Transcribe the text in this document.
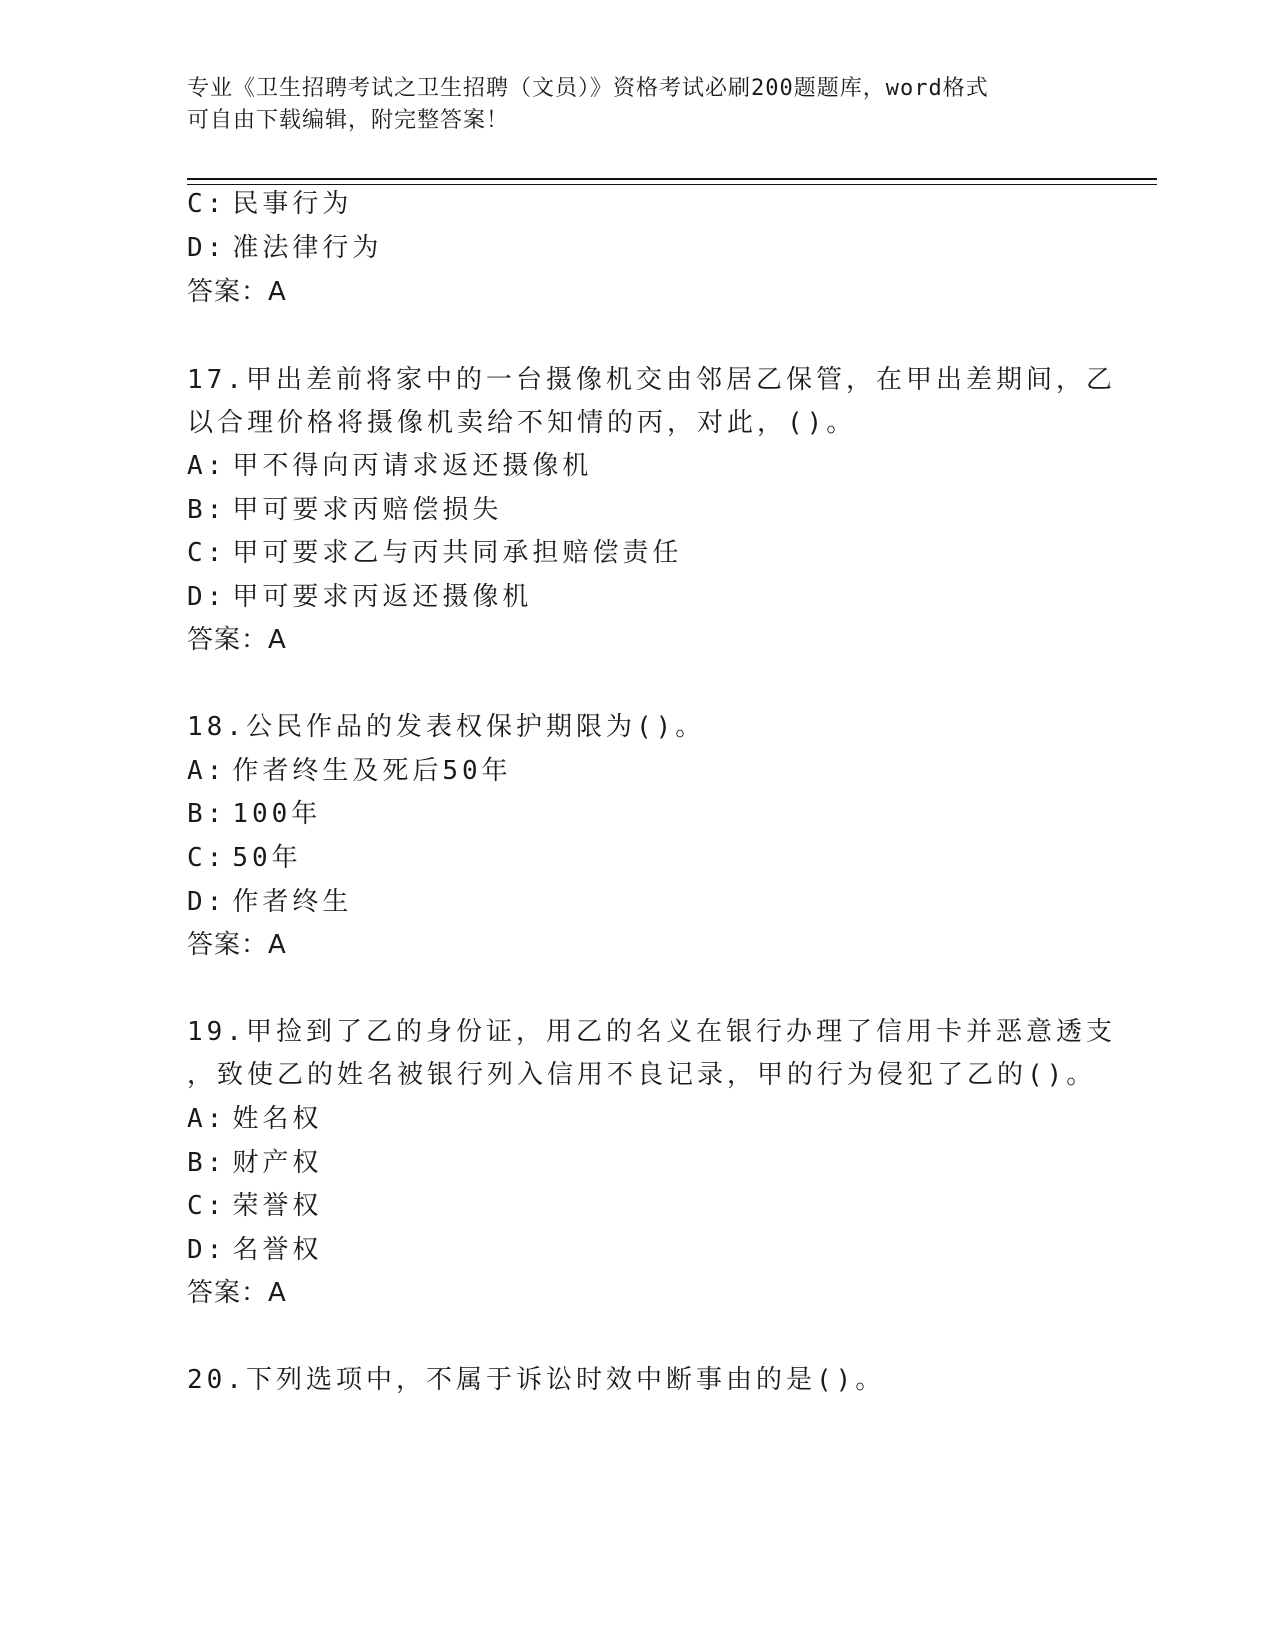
专业《卫生招聘考试之卫生招聘（文员）》资格考试必刷200题题库，word格式
可自由下载编辑，附完整答案！
C: 民事行为
D: 准法律行为
答案：A
17.甲出差前将家中的一台摄像机交由邻居乙保管，在甲出差期间，乙
以合理价格将摄像机卖给不知情的丙，对此，()。
A: 甲不得向丙请求返还摄像机
B: 甲可要求丙赔偿损失
C: 甲可要求乙与丙共同承担赔偿责任
D: 甲可要求丙返还摄像机
答案：A
18.公民作品的发表权保护期限为()。
A: 作者终生及死后50年
B: 100年
C: 50年
D: 作者终生
答案：A
19.甲捡到了乙的身份证，用乙的名义在银行办理了信用卡并恶意透支
，致使乙的姓名被银行列入信用不良记录，甲的行为侵犯了乙的()。
A: 姓名权
B: 财产权
C: 荣誉权
D: 名誉权
答案：A
20.下列选项中，不属于诉讼时效中断事由的是()。
